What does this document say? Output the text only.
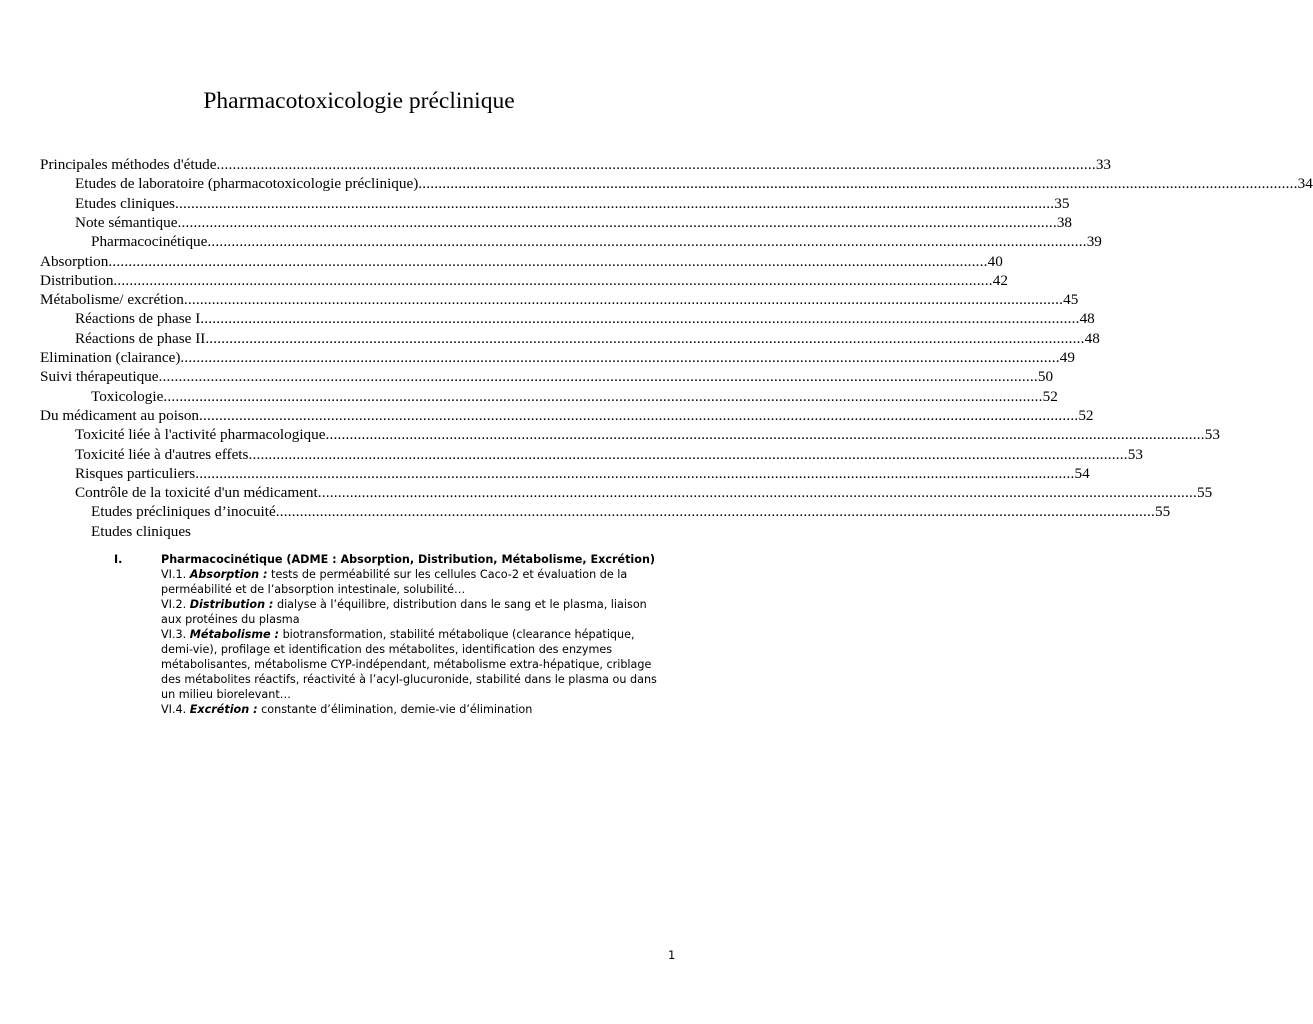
Pharmacotoxicologie préclinique
Principales méthodes d'étude ............................................................................................................................................................................................................................ 33
Etudes de laboratoire (pharmacotoxicologie préclinique) ............................................................................................................................................................................................................................ 34
Etudes cliniques ............................................................................................................................................................................................................................ 35
Note sémantique ............................................................................................................................................................................................................................ 38
Pharmacocinétique ............................................................................................................................................................................................................................ 39
Absorption ............................................................................................................................................................................................................................ 40
Distribution ............................................................................................................................................................................................................................ 42
Métabolisme/ excrétion ............................................................................................................................................................................................................................ 45
Réactions de phase I ............................................................................................................................................................................................................................ 48
Réactions de phase II ............................................................................................................................................................................................................................ 48
Elimination (clairance) ............................................................................................................................................................................................................................ 49
Suivi thérapeutique ............................................................................................................................................................................................................................ 50
Toxicologie ............................................................................................................................................................................................................................ 52
Du médicament au poison ............................................................................................................................................................................................................................ 52
Toxicité liée à l'activité pharmacologique ............................................................................................................................................................................................................................ 53
Toxicité liée à d'autres effets ............................................................................................................................................................................................................................ 53
Risques particuliers ............................................................................................................................................................................................................................ 54
Contrôle de la toxicité d'un médicament ............................................................................................................................................................................................................................ 55
Etudes précliniques d’inocuité ............................................................................................................................................................................................................................ 55
Etudes cliniques
I.	Pharmacocinétique (ADME : Absorption, Distribution, Métabolisme, Excrétion)

VI.1. Absorption : tests de perméabilité sur les cellules Caco-2 et évaluation de la perméabilité et de l’absorption intestinale, solubilité…

VI.2. Distribution : dialyse à l’équilibre, distribution dans le sang et le plasma, liaison aux protéines du plasma

VI.3. Métabolisme : biotransformation, stabilité métabolique (clearance hépatique, demi-vie), profilage et identification des métabolites, identification des enzymes métabolisantes, métabolisme CYP-indépendant, métabolisme extra-hépatique, criblage des métabolites réactifs, réactivité à l’acyl-glucuronide, stabilité dans le plasma ou dans un milieu biorelevant…

VI.4. Excrétion : constante d’élimination, demie-vie d’élimination

1
